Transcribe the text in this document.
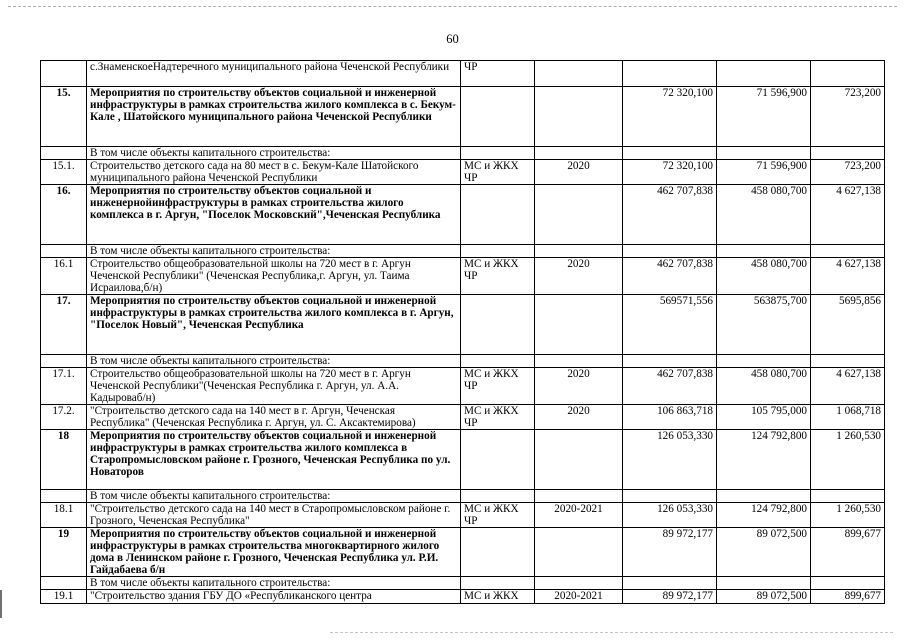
60
	с.ЗнаменскоеНадтеречного муниципального района Чеченской Республики	ЧР				
15.	Мероприятия по строительству объектов социальной и инженерной инфраструктуры в рамках строительства жилого комплекса в с. Бекум-Кале , Шатойского муниципального района Чеченской Республики			72 320,100	71 596,900	723,200
	В том числе объекты капитального строительства:					
15.1.	Строительство детского сада на 80 мест в с. Бекум-Кале Шатойского муниципального района Чеченской Республики	МС и ЖКХ ЧР	2020	72 320,100	71 596,900	723,200
16.	Мероприятия по строительству объектов социальной и инженернойинфраструктуры в рамках строительства жилого комплекса в г. Аргун, "Поселок Московский",Чеченская Республика			462 707,838	458 080,700	4 627,138
	В том числе объекты капитального строительства:					
16.1	Строительство общеобразовательной школы на 720 мест в г. Аргун Чеченской Республики" (Чеченская Республика,г. Аргун, ул. Таима Исраилова,б/н)	МС и ЖКХ ЧР	2020	462 707,838	458 080,700	4 627,138
17.	Мероприятия по строительству объектов социальной и инженерной инфраструктуры в рамках строительства жилого комплекса в г. Аргун, "Поселок Новый", Чеченская Республика			569571,556	563875,700	5695,856
	В том числе объекты капитального строительства:					
17.1.	Строительство общеобразовательной школы на 720 мест в г. Аргун Чеченской Республики"(Чеченская Республика г. Аргун, ул. А.А. Кадыроваб/н)	МС и ЖКХ ЧР	2020	462 707,838	458 080,700	4 627,138
17.2.	"Строительство детского сада на 140 мест в г. Аргун, Чеченская Республика" (Чеченская Республика г. Аргун, ул. С. Аксактемирова)	МС и ЖКХ ЧР	2020	106 863,718	105 795,000	1 068,718
18	Мероприятия по строительству объектов социальной и инженерной инфраструктуры в рамках строительства жилого комплекса в Старопромысловском районе г. Грозного, Чеченская Республика по ул. Новаторов			126 053,330	124 792,800	1 260,530
	В том числе объекты капитального строительства:					
18.1	"Строительство детского сада на 140 мест в Старопромысловском районе г. Грозного, Чеченская Республика"	МС и ЖКХ ЧР	2020-2021	126 053,330	124 792,800	1 260,530
19	Мероприятия по строительству объектов социальной и инженерной инфраструктуры в рамках строительства многоквартирного жилого дома в Ленинском районе г. Грозного, Чеченская Республика ул. Р.И. Гайдабаева б/н			89 972,177	89 072,500	899,677
	В том числе объекты капитального строительства:					
19.1	"Строительство здания ГБУ ДО «Республиканского центра	МС и ЖКХ	2020-2021	89 972,177	89 072,500	899,677
